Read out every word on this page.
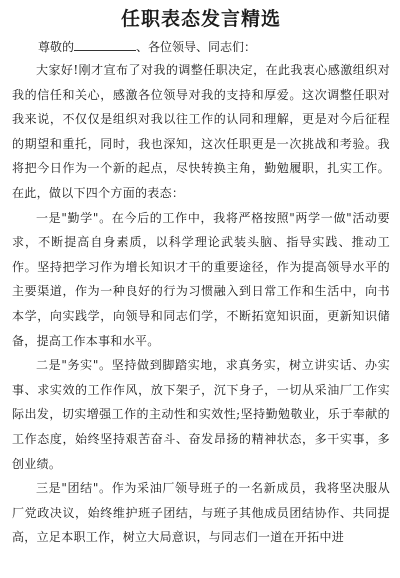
任职表态发言精选

尊敬的	、各位领导、同志们：

大家好!刚才宣布了对我的调整任职决定，在此我衷心感激组织对我的信任和关心，感激各位领导对我的支持和厚爱。这次调整任职对我来说，不仅仅是组织对我以往工作的认同和理解，更是对今后征程的期望和重托，同时，我也深知，这次任职更是一次挑战和考验。我将把今日作为一个新的起点，尽快转换主角，勤勉履职，扎实工作。在此，做以下四个方面的表态：

一是"勤学"。在今后的工作中，我将严格按照"两学一做"活动要求，不断提高自身素质，以科学理论武装头脑、指导实践、推动工作。坚持把学习作为增长知识才干的重要途径，作为提高领导水平的主要渠道，作为一种良好的行为习惯融入到日常工作和生活中，向书本学，向实践学，向领导和同志们学，不断拓宽知识面，更新知识储备，提高工作本事和水平。

二是"务实"。坚持做到脚踏实地，求真务实，树立讲实话、办实事、求实效的工作作风，放下架子，沉下身子，一切从采油厂工作实际出发，切实增强工作的主动性和实效性;坚持勤勉敬业，乐于奉献的工作态度，始终坚持艰苦奋斗、奋发昂扬的精神状态，多干实事，多创业绩。

三是"团结"。作为采油厂领导班子的一名新成员，我将坚决服从厂党政决议，始终维护班子团结，与班子其他成员团结协作、共同提高，立足本职工作，树立大局意识，与同志们一道在开拓中进
